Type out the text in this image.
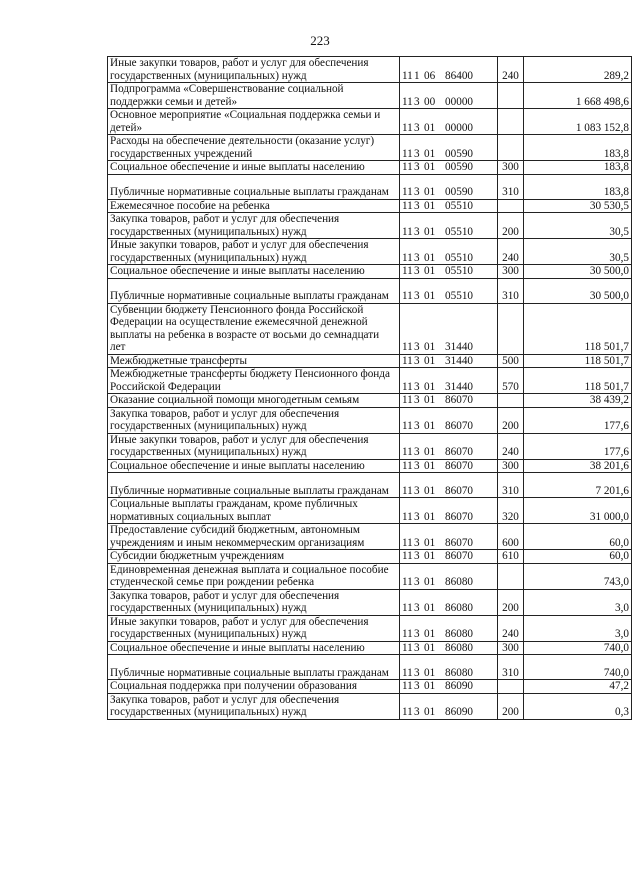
223
Иные закупки товаров, работ и услуг для обеспечения государственных (муниципальных) нужд	111 06 86400	240	289,2

Подпрограмма «Совершенствование социальной поддержки семьи и детей»	113 00 00000		1 668 498,6

Основное мероприятие «Социальная поддержка семьи и детей»	113 01 00000		1 083 152,8

Расходы на обеспечение деятельности (оказание услуг) государственных учреждений	113 01 00590		183,8

Социальное обеспечение и иные выплаты населению	113 01 00590	300	183,8

Публичные нормативные социальные выплаты гражданам	113 01 00590	310	183,8

Ежемесячное пособие на ребенка	113 01 05510		30 530,5

Закупка товаров, работ и услуг для обеспечения государственных (муниципальных) нужд	113 01 05510	200	30,5

Иные закупки товаров, работ и услуг для обеспечения государственных (муниципальных) нужд	113 01 05510	240	30,5

Социальное обеспечение и иные выплаты населению	113 01 05510	300	30 500,0

Публичные нормативные социальные выплаты гражданам	113 01 05510	310	30 500,0

Субвенции бюджету Пенсионного фонда Российской Федерации на осуществление ежемесячной денежной выплаты на ребенка в возрасте от восьми до семнадцати лет	113 01 31440		118 501,7

Межбюджетные трансферты	113 01 31440	500	118 501,7

Межбюджетные трансферты бюджету Пенсионного фонда Российской Федерации	113 01 31440	570	118 501,7

Оказание социальной помощи многодетным семьям	113 01 86070		38 439,2

Закупка товаров, работ и услуг для обеспечения государственных (муниципальных) нужд	113 01 86070	200	177,6

Иные закупки товаров, работ и услуг для обеспечения государственных (муниципальных) нужд	113 01 86070	240	177,6

Социальное обеспечение и иные выплаты населению	113 01 86070	300	38 201,6

Публичные нормативные социальные выплаты гражданам	113 01 86070	310	7 201,6

Социальные выплаты гражданам, кроме публичных нормативных социальных выплат	113 01 86070	320	31 000,0

Предоставление субсидий бюджетным, автономным учреждениям и иным некоммерческим организациям	113 01 86070	600	60,0

Субсидии бюджетным учреждениям	113 01 86070	610	60,0

Единовременная денежная выплата и социальное пособие студенческой семье при рождении ребенка	113 01 86080		743,0

Закупка товаров, работ и услуг для обеспечения государственных (муниципальных) нужд	113 01 86080	200	3,0

Иные закупки товаров, работ и услуг для обеспечения государственных (муниципальных) нужд	113 01 86080	240	3,0

Социальное обеспечение и иные выплаты населению	113 01 86080	300	740,0

Публичные нормативные социальные выплаты гражданам	113 01 86080	310	740,0

Социальная поддержка при получении образования	113 01 86090		47,2

Закупка товаров, работ и услуг для обеспечения государственных (муниципальных) нужд	113 01 86090	200	0,3
